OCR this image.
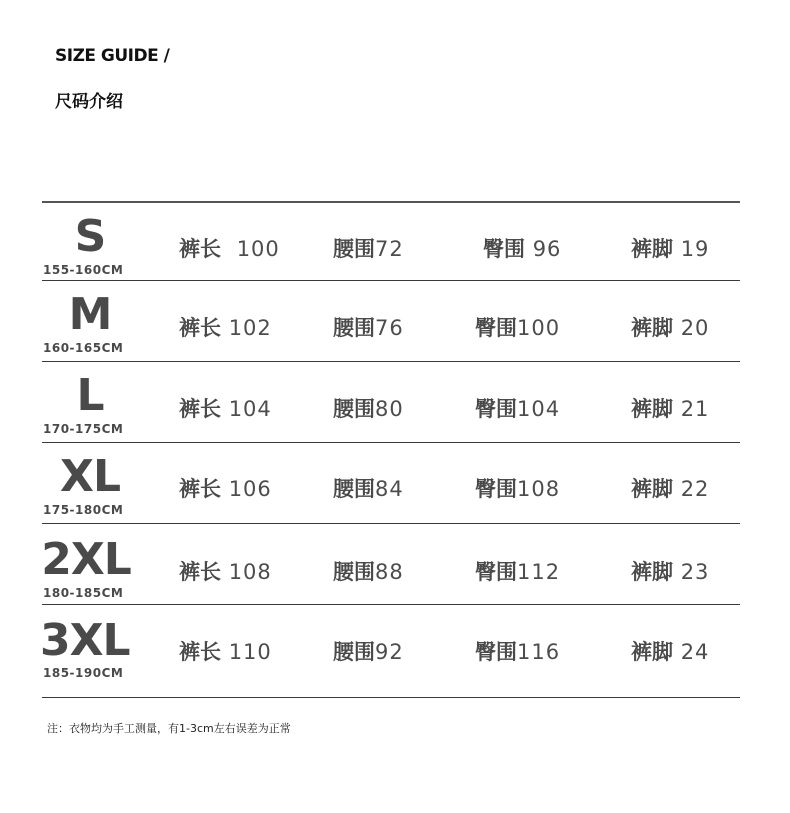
SIZE GUIDE /
尺码介绍
S
155-160CM
裤长 100	腰围72	臀围 96	裤脚 19
M
160-165CM
裤长 102	腰围76	臀围100	裤脚 20
L
170-175CM
裤长 104	腰围80	臀围104	裤脚 21
XL
175-180CM
裤长 106	腰围84	臀围108	裤脚 22
2XL
180-185CM
裤长 108	腰围88	臀围112	裤脚 23
3XL
185-190CM
裤长 110	腰围92	臀围116	裤脚 24
注：衣物均为手工测量，有1-3cm左右误差为正常
